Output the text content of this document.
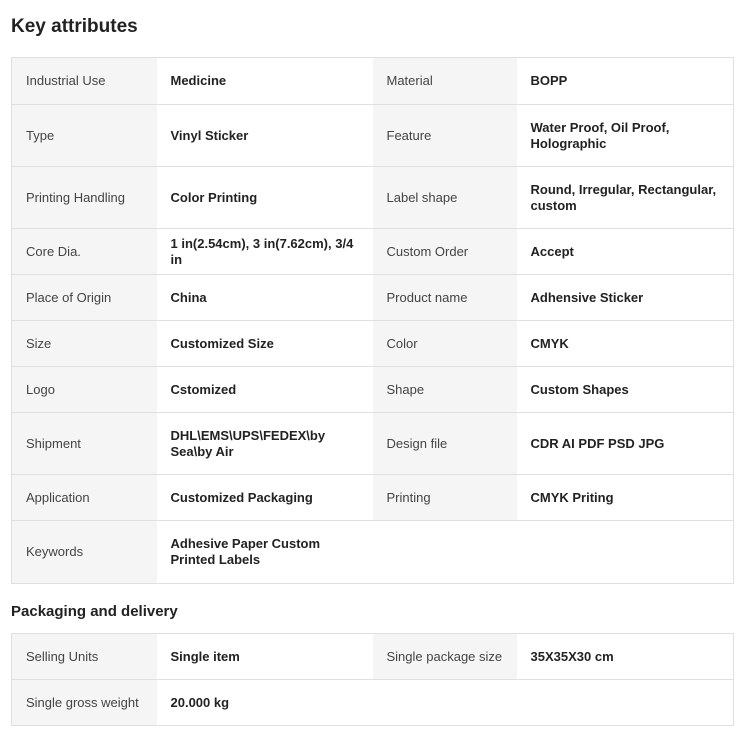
Key attributes
Industrial Use	Medicine	Material	BOPP
Type	Vinyl Sticker	Feature	Water Proof, Oil Proof, Holographic
Printing Handling	Color Printing	Label shape	Round, Irregular, Rectangular, custom
Core Dia.	1 in(2.54cm), 3 in(7.62cm), 3/4 in	Custom Order	Accept
Place of Origin	China	Product name	Adhensive Sticker
Size	Customized Size	Color	CMYK
Logo	Cstomized	Shape	Custom Shapes
Shipment	DHL\EMS\UPS\FEDEX\by Sea\by Air	Design file	CDR AI PDF PSD JPG
Application	Customized Packaging	Printing	CMYK Priting
Keywords	Adhesive Paper Custom Printed Labels		
Packaging and delivery
Selling Units	Single item	Single package size	35X35X30 cm
Single gross weight	20.000 kg		
